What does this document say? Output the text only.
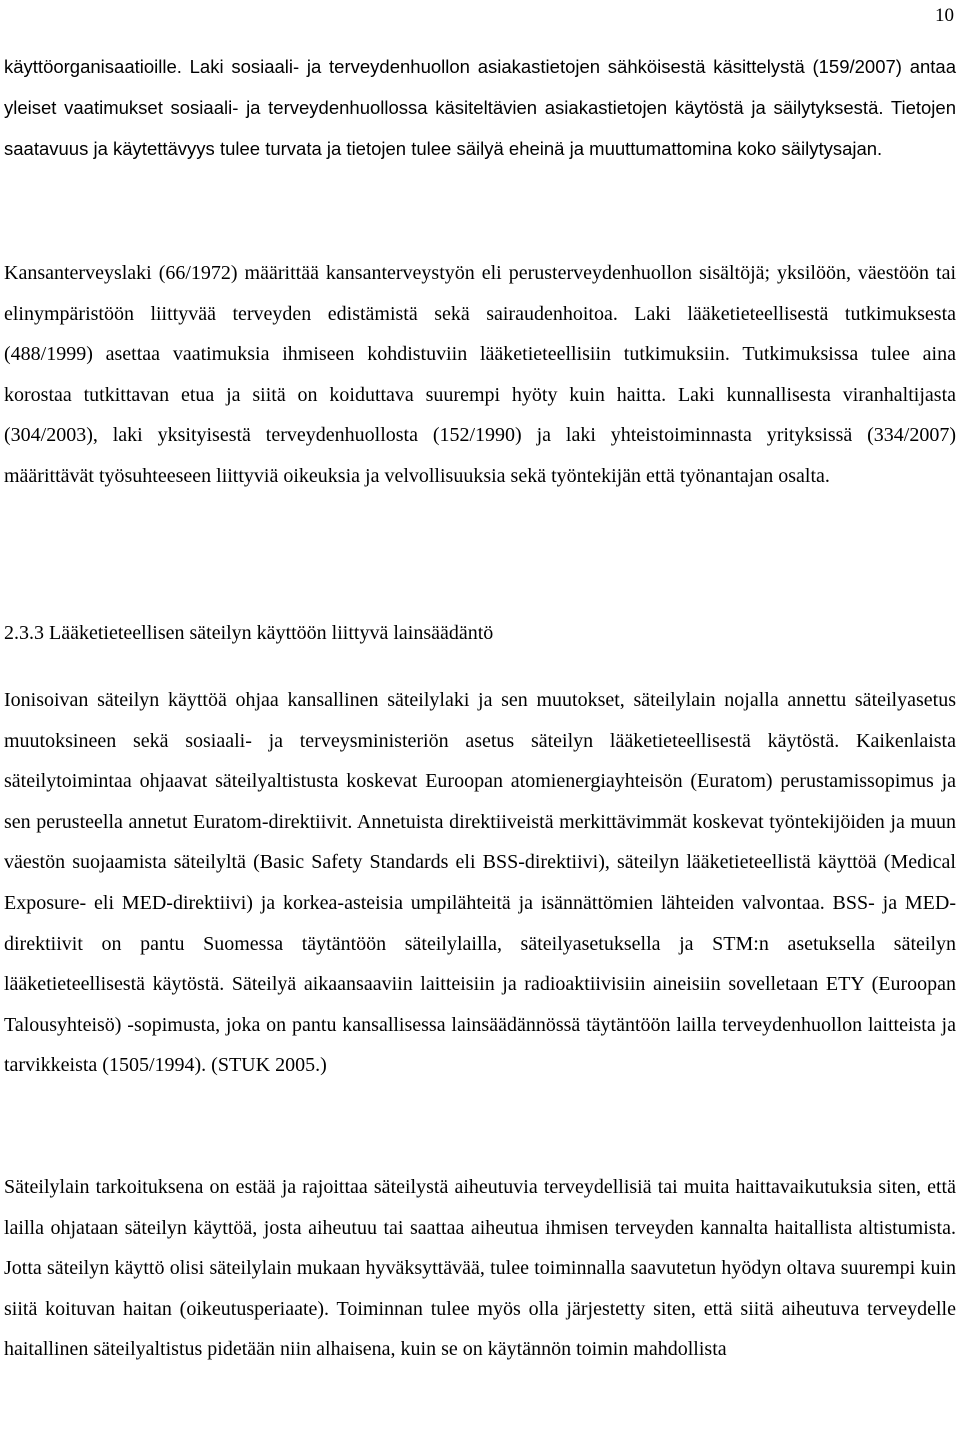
10

käyttöorganisaatioille. Laki sosiaali- ja terveydenhuollon asiakastietojen sähköisestä käsittelystä (159/2007) antaa yleiset vaatimukset sosiaali- ja terveydenhuollossa käsiteltävien asiakastietojen käytöstä ja säilytyksestä. Tietojen saatavuus ja käytettävyys tulee turvata ja tietojen tulee säilyä eheinä ja muuttumattomina koko säilytysajan.

Kansanterveyslaki (66/1972) määrittää kansanterveystyön eli perusterveydenhuollon sisältöjä; yksilöön, väestöön tai elinympäristöön liittyvää terveyden edistämistä sekä sairaudenhoitoa. Laki lääketieteellisestä tutkimuksesta (488/1999) asettaa vaatimuksia ihmiseen kohdistuviin lääketieteellisiin tutkimuksiin. Tutkimuksissa tulee aina korostaa tutkittavan etua ja siitä on koiduttava suurempi hyöty kuin haitta. Laki kunnallisesta viranhaltijasta (304/2003), laki yksityisestä terveydenhuollosta (152/1990) ja laki yhteistoiminnasta yrityksissä (334/2007) määrittävät työsuhteeseen liittyviä oikeuksia ja velvollisuuksia sekä työntekijän että työnantajan osalta.

2.3.3 Lääketieteellisen säteilyn käyttöön liittyvä lainsäädäntö

Ionisoivan säteilyn käyttöä ohjaa kansallinen säteilylaki ja sen muutokset, säteilylain nojalla annettu säteilyasetus muutoksineen sekä sosiaali- ja terveysministeriön asetus säteilyn lääketieteellisestä käytöstä. Kaikenlaista säteilytoimintaa ohjaavat säteilyaltistusta koskevat Euroopan atomienergiayhteisön (Euratom) perustamissopimus ja sen perusteella annetut Euratom-direktiivit. Annetuista direktiiveistä merkittävimmät koskevat työntekijöiden ja muun väestön suojaamista säteilyltä (Basic Safety Standards eli BSS-direktiivi), säteilyn lääketieteellistä käyttöä (Medical Exposure- eli MED-direktiivi) ja korkea-asteisia umpilähteitä ja isännättömien lähteiden valvontaa. BSS- ja MED-direktiivit on pantu Suomessa täytäntöön säteilylailla, säteilyasetuksella ja STM:n asetuksella säteilyn lääketieteellisestä käytöstä. Säteilyä aikaansaaviin laitteisiin ja radioaktiivisiin aineisiin sovelletaan ETY (Euroopan Talousyhteisö) -sopimusta, joka on pantu kansallisessa lainsäädännössä täytäntöön lailla terveydenhuollon laitteista ja tarvikkeista (1505/1994). (STUK 2005.)

Säteilylain tarkoituksena on estää ja rajoittaa säteilystä aiheutuvia terveydellisiä tai muita haittavaikutuksia siten, että lailla ohjataan säteilyn käyttöä, josta aiheutuu tai saattaa aiheutua ihmisen terveyden kannalta haitallista altistumista. Jotta säteilyn käyttö olisi säteilylain mukaan hyväksyttävää, tulee toiminnalla saavutetun hyödyn oltava suurempi kuin siitä koituvan haitan (oikeutusperiaate). Toiminnan tulee myös olla järjestetty siten, että siitä aiheutuva terveydelle haitallinen säteilyaltistus pidetään niin alhaisena, kuin se on käytännön toimin mahdollista
